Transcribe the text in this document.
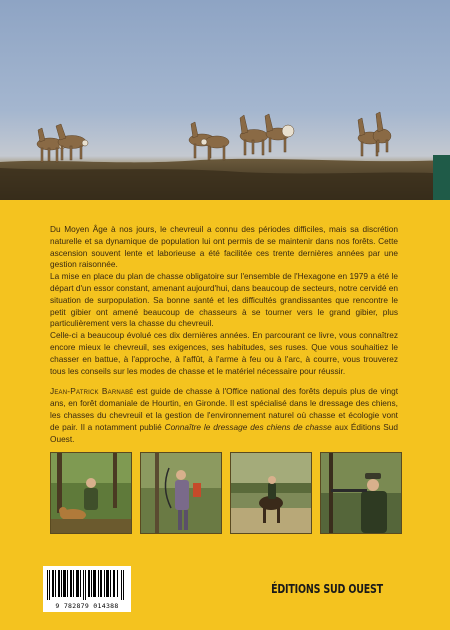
Du Moyen Âge à nos jours, le chevreuil a connu des périodes difficiles, mais sa discrétion naturelle et sa dynamique de population lui ont permis de se maintenir dans nos forêts. Cette ascension souvent lente et laborieuse a été facilitée ces trente dernières années par une gestion raisonnée.

La mise en place du plan de chasse obligatoire sur l'ensemble de l'Hexagone en 1979 a été le départ d'un essor constant, amenant aujourd'hui, dans beaucoup de secteurs, notre cervidé en situation de surpopulation. Sa bonne santé et les difficultés grandissantes que rencontre le petit gibier ont amené beaucoup de chasseurs à se tourner vers le grand gibier, plus particulièrement vers la chasse du chevreuil.

Celle-ci a beaucoup évolué ces dix dernières années. En parcourant ce livre, vous connaîtrez encore mieux le chevreuil, ses exigences, ses habitudes, ses ruses. Que vous souhaitiez le chasser en battue, à l'approche, à l'affût, à l'arme à feu ou à l'arc, à courre, vous trouverez tous les conseils sur les modes de chasse et le matériel nécessaire pour réussir.

Jean-Patrick Barnabé est guide de chasse à l'Office national des forêts depuis plus de vingt ans, en forêt domaniale de Hourtin, en Gironde. Il est spécialisé dans le dressage des chiens, les chasses du chevreuil et la gestion de l'environnement naturel où chasse et écologie vont de pair. Il a notamment publié Connaître le dressage des chiens de chasse aux Éditions Sud Ouest.

9 782879 014388
ÉDITIONS SUD OUEST
